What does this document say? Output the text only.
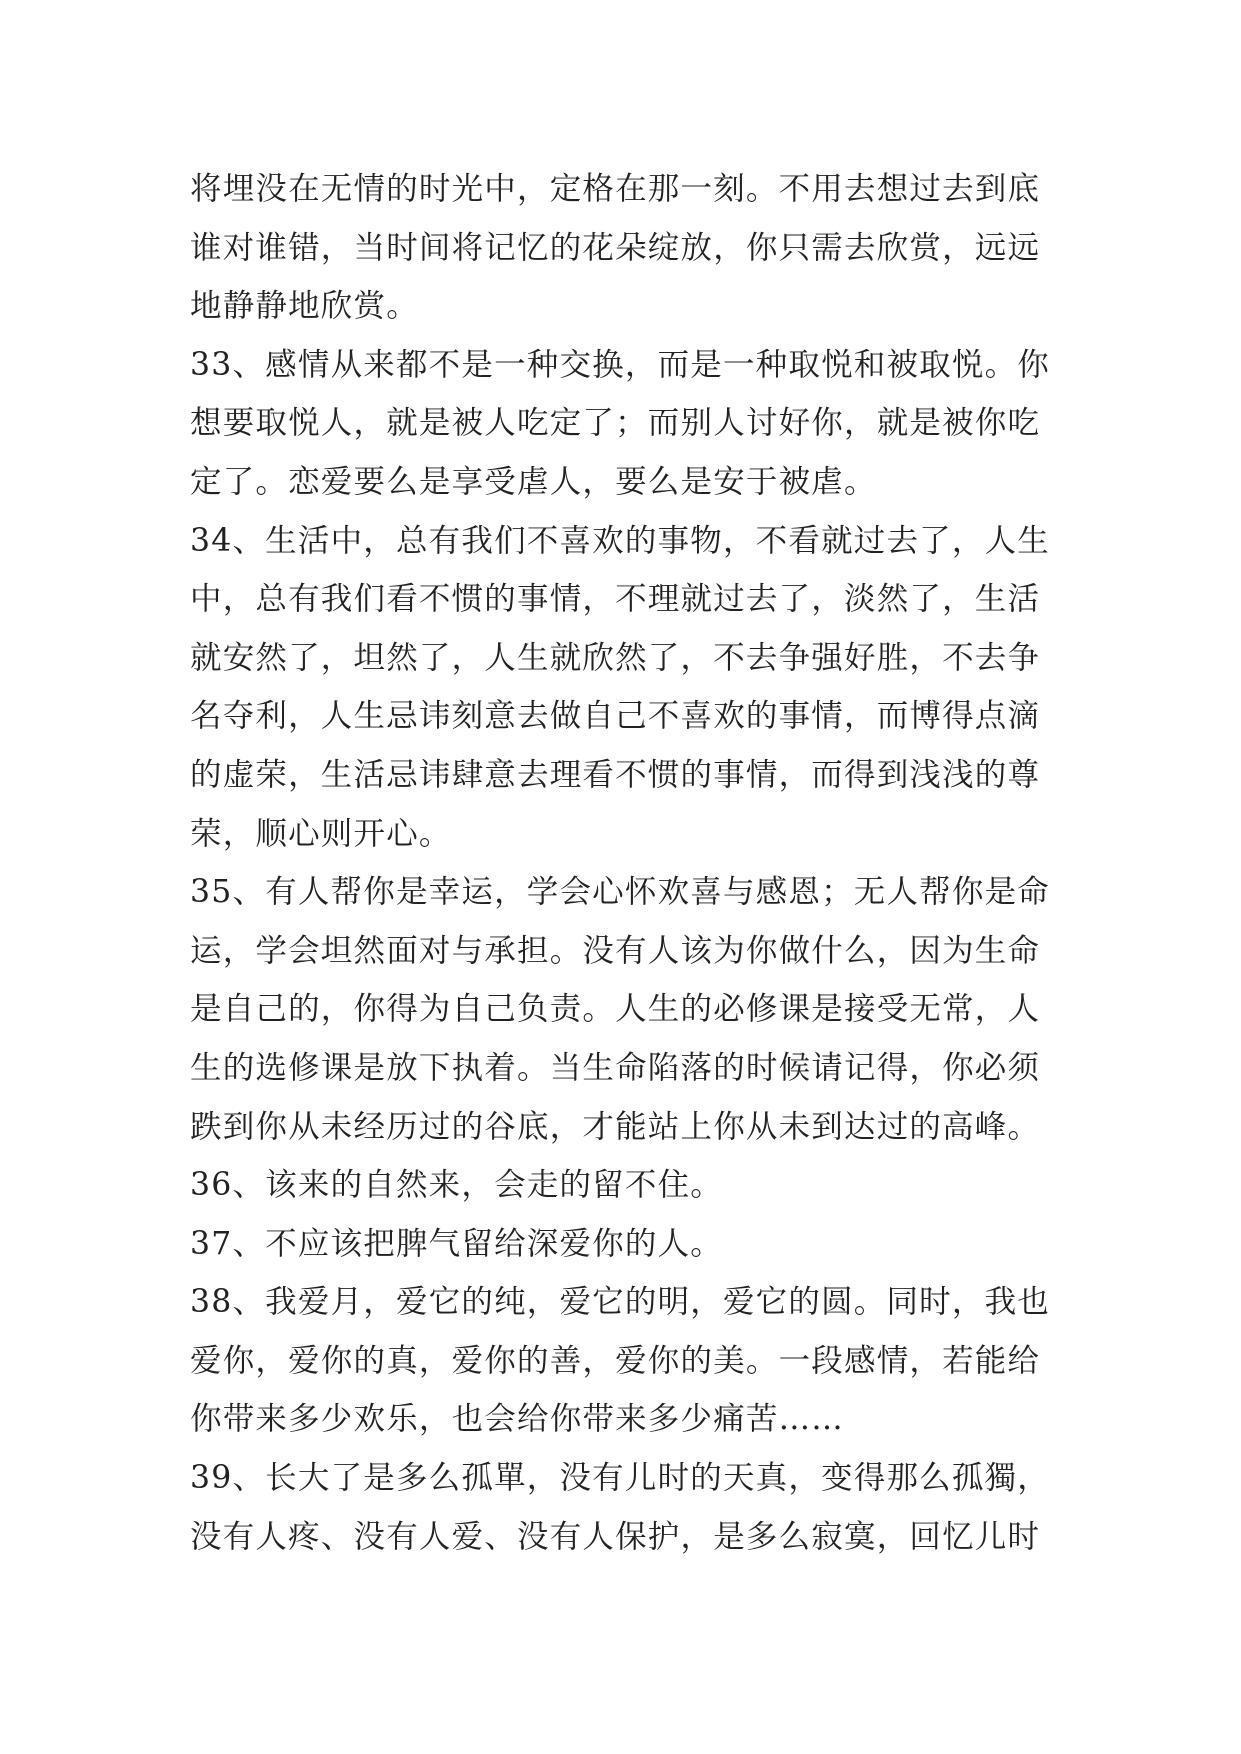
将埋没在无情的时光中，定格在那一刻。不用去想过去到底
谁对谁错，当时间将记忆的花朵绽放，你只需去欣赏，远远
地静静地欣赏。
33、感情从来都不是一种交换，而是一种取悦和被取悦。你
想要取悦人，就是被人吃定了；而别人讨好你，就是被你吃
定了。恋爱要么是享受虐人，要么是安于被虐。
34、生活中，总有我们不喜欢的事物，不看就过去了，人生
中，总有我们看不惯的事情，不理就过去了，淡然了，生活
就安然了，坦然了，人生就欣然了，不去争强好胜，不去争
名夺利，人生忌讳刻意去做自己不喜欢的事情，而博得点滴
的虚荣，生活忌讳肆意去理看不惯的事情，而得到浅浅的尊
荣，顺心则开心。
35、有人帮你是幸运，学会心怀欢喜与感恩；无人帮你是命
运，学会坦然面对与承担。没有人该为你做什么，因为生命
是自己的，你得为自己负责。人生的必修课是接受无常，人
生的选修课是放下执着。当生命陷落的时候请记得，你必须
跌到你从未经历过的谷底，才能站上你从未到达过的高峰。
36、该来的自然来，会走的留不住。
37、不应该把脾气留给深爱你的人。
38、我爱月，爱它的纯，爱它的明，爱它的圆。同时，我也
爱你，爱你的真，爱你的善，爱你的美。一段感情，若能给
你带来多少欢乐，也会给你带来多少痛苦……
39、长大了是多么孤單，没有儿时的天真，变得那么孤獨，
没有人疼、没有人爱、没有人保护，是多么寂寞，回忆儿时
